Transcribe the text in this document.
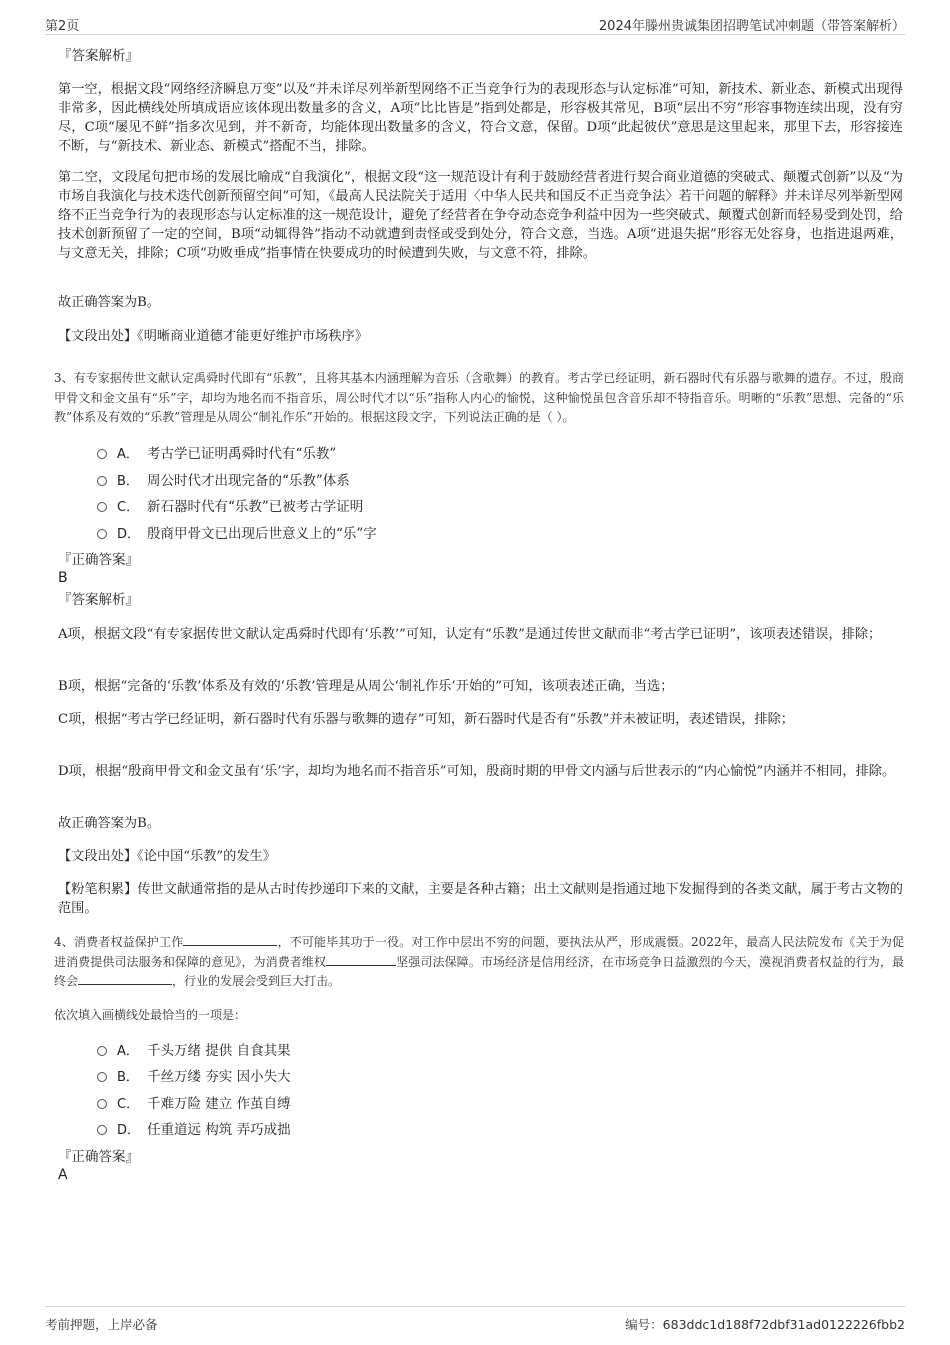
第2页	2024年滕州贵诚集团招聘笔试冲刺题（带答案解析）
『答案解析』

第一空，根据文段“网络经济瞬息万变”以及“并未详尽列举新型网络不正当竞争行为的表现形态与认定标准”可知，新技术、新业态、新模式出现得非常多，因此横线处所填成语应该体现出数量多的含义，A项“比比皆是”指到处都是，形容极其常见，B项“层出不穷”形容事物连续出现，没有穷尽，C项“屡见不鲜”指多次见到，并不新奇，均能体现出数量多的含义，符合文意，保留。D项“此起彼伏”意思是这里起来，那里下去，形容接连不断，与“新技术、新业态、新模式”搭配不当，排除。

第二空，文段尾句把市场的发展比喻成“自我演化”，根据文段“这一规范设计有利于鼓励经营者进行契合商业道德的突破式、颠覆式创新”以及“为市场自我演化与技术迭代创新预留空间”可知，《最高人民法院关于适用〈中华人民共和国反不正当竞争法〉若干问题的解释》并未详尽列举新型网络不正当竞争行为的表现形态与认定标准的这一规范设计，避免了经营者在争夺动态竞争利益中因为一些突破式、颠覆式创新而轻易受到处罚，给技术创新预留了一定的空间，B项“动辄得咎”指动不动就遭到责怪或受到处分，符合文意，当选。A项“进退失据”形容无处容身，也指进退两难，与文意无关，排除；C项“功败垂成”指事情在快要成功的时候遭到失败，与文意不符，排除。

故正确答案为B。
【文段出处】《明晰商业道德才能更好维护市场秩序》

3、有专家据传世文献认定禹舜时代即有“乐教”，且将其基本内涵理解为音乐（含歌舞）的教育。考古学已经证明，新石器时代有乐器与歌舞的遗存。不过，殷商甲骨文和金文虽有“乐”字，却均为地名而不指音乐，周公时代才以“乐”指称人内心的愉悦，这种愉悦虽包含音乐却不特指音乐。明晰的“乐教”思想、完备的“乐教”体系及有效的“乐教”管理是从周公“制礼作乐”开始的。根据这段文字，下列说法正确的是（ ）。

A． 考古学已证明禹舜时代有“乐教”
B． 周公时代才出现完备的“乐教”体系
C． 新石器时代有“乐教”已被考古学证明
D． 殷商甲骨文已出现后世意义上的“乐”字
『正确答案』
B
『答案解析』

A项，根据文段“有专家据传世文献认定禹舜时代即有‘乐教’”可知，认定有“乐教”是通过传世文献而非“考古学已证明”，该项表述错误，排除；

B项，根据“完备的‘乐教’体系及有效的‘乐教’管理是从周公‘制礼作乐’开始的”可知，该项表述正确，当选；

C项，根据“考古学已经证明，新石器时代有乐器与歌舞的遗存”可知，新石器时代是否有“乐教”并未被证明，表述错误，排除；

D项，根据“殷商甲骨文和金文虽有‘乐’字，却均为地名而不指音乐”可知，殷商时期的甲骨文内涵与后世表示的“内心愉悦”内涵并不相同，排除。

故正确答案为B。
【文段出处】《论中国“乐教”的发生》

【粉笔积累】传世文献通常指的是从古时传抄递印下来的文献，主要是各种古籍；出土文献则是指通过地下发掘得到的各类文献，属于考古文物的范围。

4、消费者权益保护工作	，不可能毕其功于一役。对工作中层出不穷的问题，要执法从严，形成震慑。2022年，最高人民法院发布《关于为促进消费提供司法服务和保障的意见》，为消费者维权	坚强司法保障。市场经济是信用经济，在市场竞争日益激烈的今天，漠视消费者权益的行为，最终会	，行业的发展会受到巨大打击。

依次填入画横线处最恰当的一项是：
A． 千头万绪 提供 自食其果
B． 千丝万缕 夯实 因小失大
C． 千难万险 建立 作茧自缚
D． 任重道远 构筑 弄巧成拙
『正确答案』
A
考前押题，上岸必备	编号：683ddc1d188f72dbf31ad0122226fbb2
